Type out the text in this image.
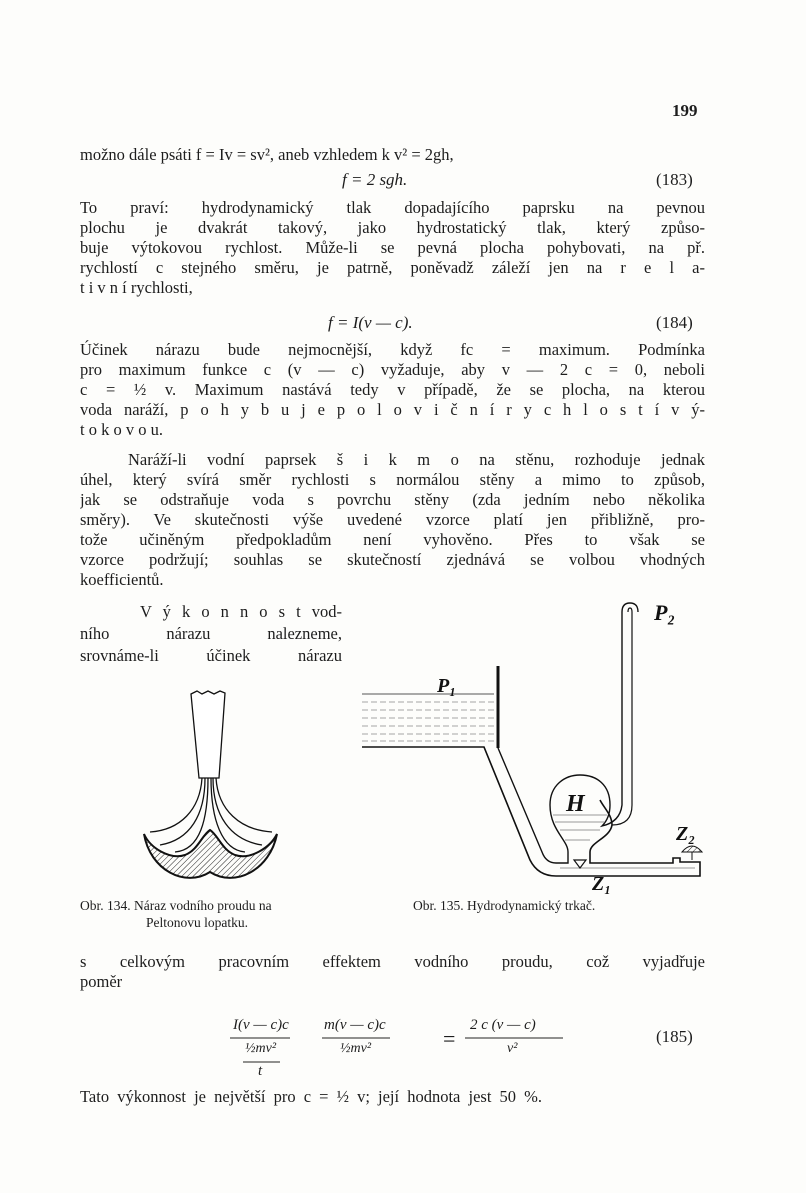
199
možno dále psáti f = Iv = sv², aneb vzhledem k v² = 2gh,
f = 2 sgh.	(183)
To praví: hydrodynamický tlak dopadajícího paprsku na pevnou
plochu je dvakrát takový, jako hydrostatický tlak, který způso-
buje výtokovou rychlost. Může-li se pevná plocha pohybovati, na př.
rychlostí c stejného směru, je patrně, poněvadž záleží jen na r e l a-
t i v n í rychlosti,
f = I(v — c).	(184)
Účinek nárazu bude nejmocnější, když fc = maximum. Podmínka
pro maximum funkce c (v — c) vyžaduje, aby v — 2 c = 0, neboli
c = ½ v. Maximum nastává tedy v případě, že se plocha, na kterou
voda naráží, p o h y b u j e p o l o v i č n í r y c h l o s t í v ý-
t o k o v o u.
Naráží-li vodní paprsek š i k m o na stěnu, rozhoduje jednak
úhel, který svírá směr rychlosti s normálou stěny a mimo to způsob,
jak se odstraňuje voda s povrchu stěny (zda jedním nebo několika
směry). Ve skutečnosti výše uvedené vzorce platí jen přibližně, pro-
tože učiněným předpokladům není vyhověno. Přes to však se
vzorce podržují; souhlas se skutečností zjednává se volbou vhodných
koefficientů.
V ý k o n n o s t vod-
ního nárazu nalezneme,
srovnáme-li účinek nárazu
P₁
P₂
H
Z₁
Z₂
Obr. 134. Náraz vodního proudu na
Peltonovu lopatku.
Obr. 135. Hydrodynamický trkač.
s celkovým pracovním effektem vodního proudu, což vyjadřuje
poměr
I(v — c)c
½mv²
t
m(v — c)c
½mv²	=
2 c (v — c)
v²
(185)
Tato výkonnost je největší pro c = ½ v; její hodnota jest 50 %.
